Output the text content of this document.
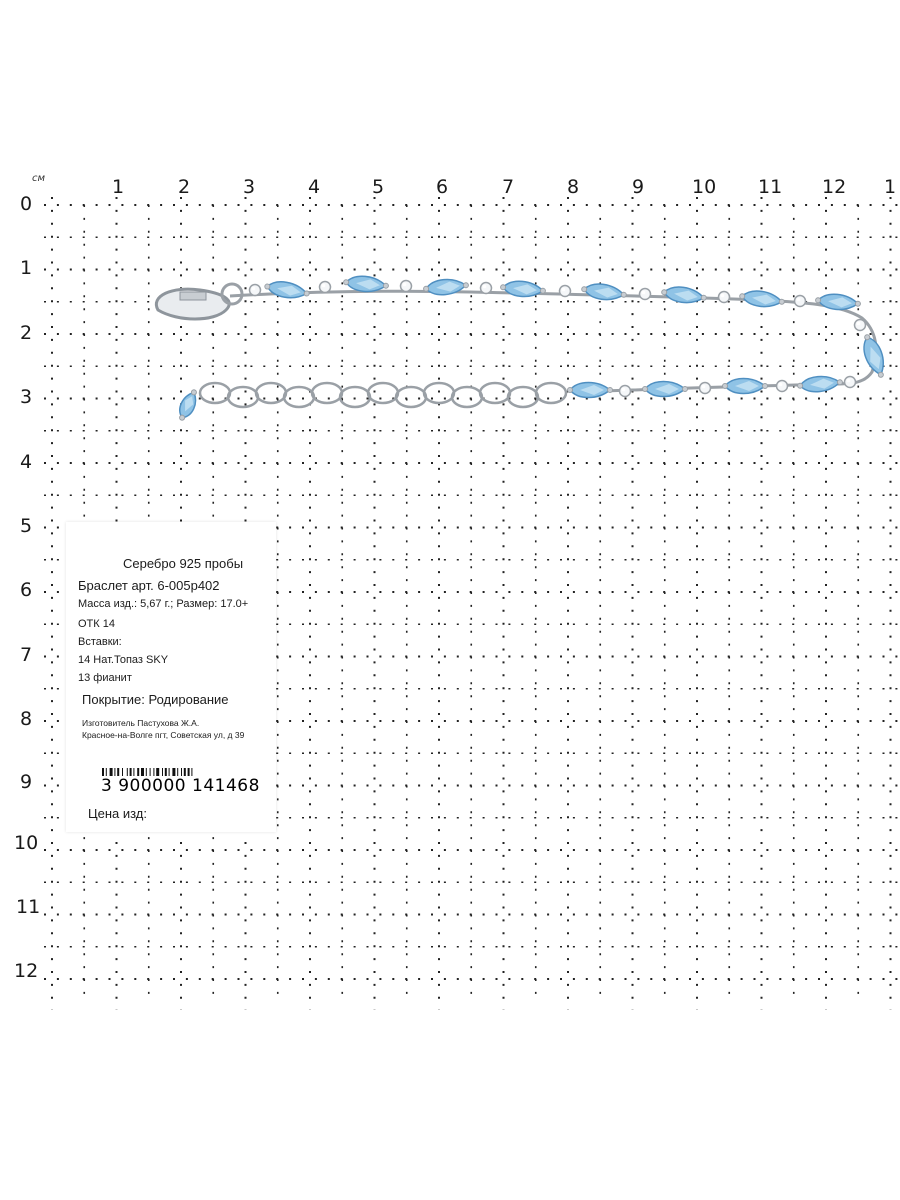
см	1	2	3	4	5	6	7	8	9	10 11 12 1
0
1
2
3
4
5
6
7
8
9
10
11
12
Серебро 925 пробы
Браслет арт. 6-005р402
Масса изд.: 5,67 г.; Размер: 17.0+
ОТК 14
Вставки:
14 Нат.Топаз SKY
13 фианит
Покрытие: Родирование
Изготовитель Пастухова Ж.А.
Красное-на-Волге пгт, Советская ул, д 39
3 900000 141468
Цена изд:
